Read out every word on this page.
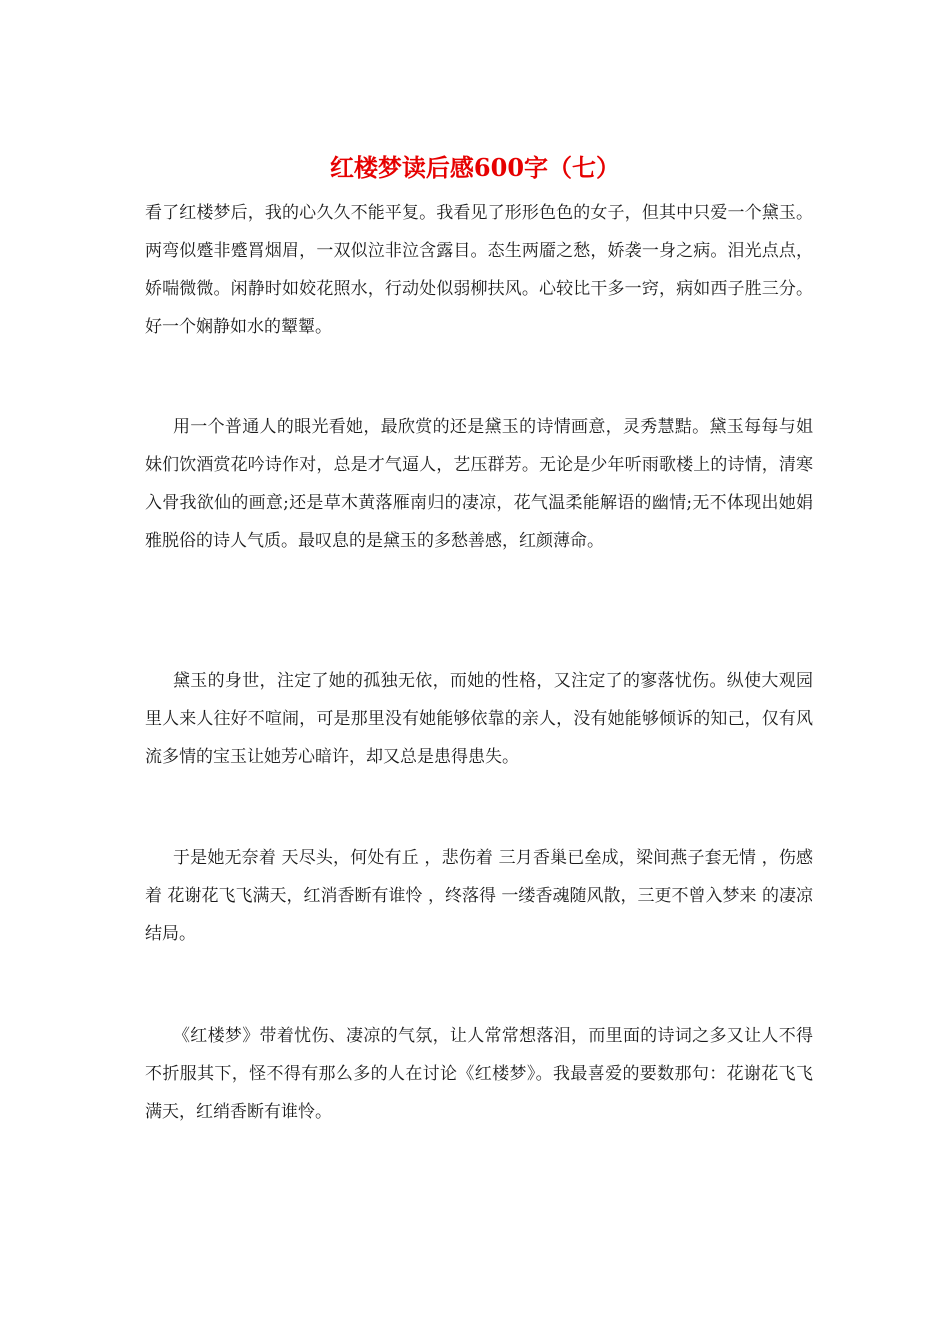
红楼梦读后感600字（七）

看了红楼梦后，我的心久久不能平复。我看见了形形色色的女子，但其中只爱一个黛玉。两弯似蹙非蹙罥烟眉，一双似泣非泣含露目。态生两靥之愁，娇袭一身之病。泪光点点，娇喘微微。闲静时如姣花照水，行动处似弱柳扶风。心较比干多一窍，病如西子胜三分。好一个娴静如水的颦颦。

用一个普通人的眼光看她，最欣赏的还是黛玉的诗情画意，灵秀慧黠。黛玉每每与姐妹们饮酒赏花吟诗作对，总是才气逼人，艺压群芳。无论是少年听雨歌楼上的诗情，清寒入骨我欲仙的画意;还是草木黄落雁南归的凄凉，花气温柔能解语的幽情;无不体现出她娟雅脱俗的诗人气质。最叹息的是黛玉的多愁善感，红颜薄命。

黛玉的身世，注定了她的孤独无依，而她的性格，又注定了的寥落忧伤。纵使大观园里人来人往好不喧闹，可是那里没有她能够依靠的亲人，没有她能够倾诉的知己，仅有风流多情的宝玉让她芳心暗许，却又总是患得患失。

于是她无奈着 天尽头，何处有丘 ，悲伤着 三月香巢已垒成，梁间燕子套无情 ，伤感着 花谢花飞飞满天，红消香断有谁怜 ，终落得 一缕香魂随风散，三更不曾入梦来 的凄凉结局。

《红楼梦》带着忧伤、凄凉的气氛，让人常常想落泪，而里面的诗词之多又让人不得不折服其下，怪不得有那么多的人在讨论《红楼梦》。我最喜爱的要数那句：花谢花飞飞满天，红绡香断有谁怜。
